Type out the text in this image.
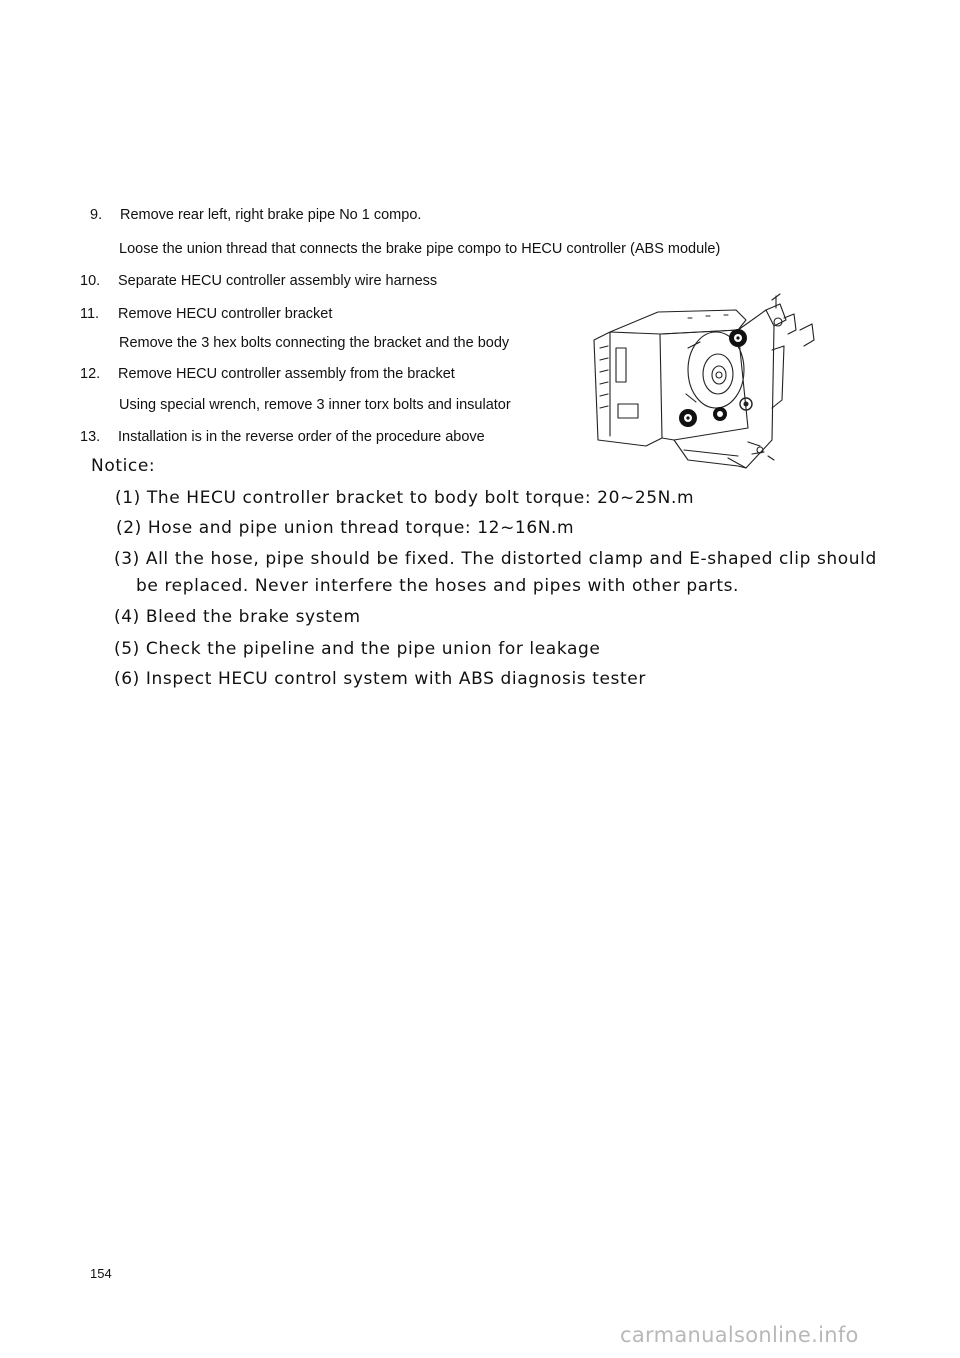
9. Remove rear left, right brake pipe No 1 compo.
Loose the union thread that connects the brake pipe compo to HECU controller (ABS module)
10. Separate HECU controller assembly wire harness
11. Remove HECU controller bracket
Remove the 3 hex bolts connecting the bracket and the body
12. Remove HECU controller assembly from the bracket
Using special wrench, remove 3 inner torx bolts and insulator
13. Installation is in the reverse order of the procedure above
Notice:
(1) The HECU controller bracket to body bolt torque: 20~25N.m
(2) Hose and pipe union thread torque: 12~16N.m
(3) All the hose, pipe should be fixed. The distorted clamp and E-shaped clip should
be replaced. Never interfere the hoses and pipes with other parts.
(4) Bleed the brake system
(5) Check the pipeline and the pipe union for leakage
(6) Inspect HECU control system with ABS diagnosis tester
154
carmanualsonline.info
